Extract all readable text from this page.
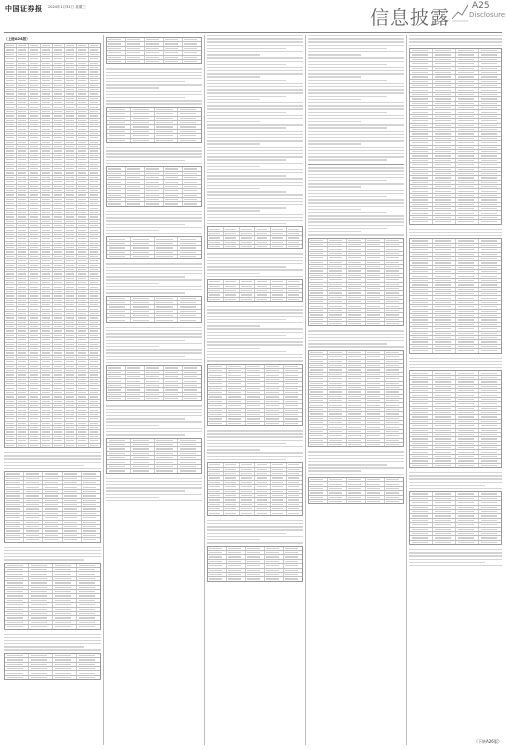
中国证券报 2024年1月31日 星期三	信息披露
A25
Disclosure
（上接A24版）
（下转A26版）
